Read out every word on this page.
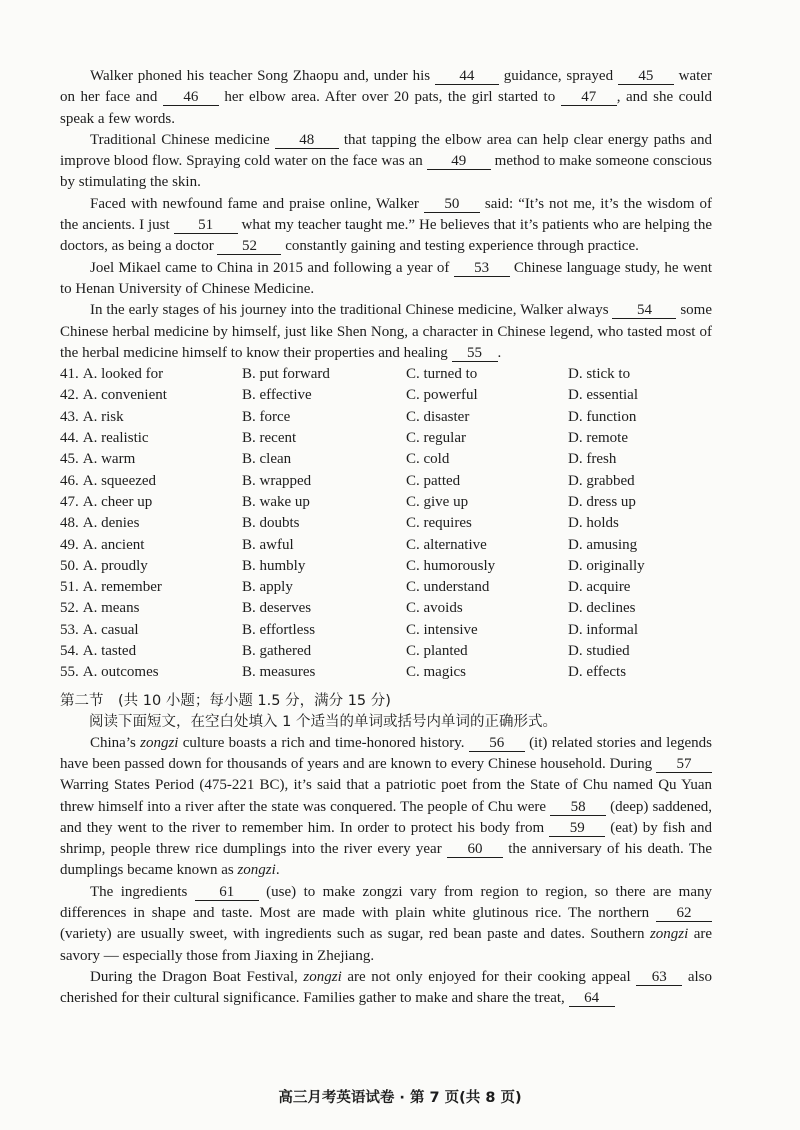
Walker phoned his teacher Song Zhaopu and, under his 44 guidance, sprayed 45 water on her face and 46 her elbow area. After over 20 pats, the girl started to 47 , and she could speak a few words.

Traditional Chinese medicine 48 that tapping the elbow area can help clear energy paths and improve blood flow. Spraying cold water on the face was an 49 method to make someone conscious by stimulating the skin.

Faced with newfound fame and praise online, Walker 50 said: “It’s not me, it’s the wisdom of the ancients. I just 51 what my teacher taught me.” He believes that it’s patients who are helping the doctors, as being a doctor 52 constantly gaining and testing experience through practice.

Joel Mikael came to China in 2015 and following a year of 53 Chinese language study, he went to Henan University of Chinese Medicine.

In the early stages of his journey into the traditional Chinese medicine, Walker always 54 some Chinese herbal medicine by himself, just like Shen Nong, a character in Chinese legend, who tasted most of the herbal medicine himself to know their properties and healing 55 .

41. A. looked for	B. put forward	C. turned to	D. stick to
42. A. convenient	B. effective	C. powerful	D. essential
43. A. risk	B. force	C. disaster	D. function
44. A. realistic	B. recent	C. regular	D. remote
45. A. warm	B. clean	C. cold	D. fresh
46. A. squeezed	B. wrapped	C. patted	D. grabbed
47. A. cheer up	B. wake up	C. give up	D. dress up
48. A. denies	B. doubts	C. requires	D. holds
49. A. ancient	B. awful	C. alternative	D. amusing
50. A. proudly	B. humbly	C. humorously	D. originally
51. A. remember	B. apply	C. understand	D. acquire
52. A. means	B. deserves	C. avoids	D. declines
53. A. casual	B. effortless	C. intensive	D. informal
54. A. tasted	B. gathered	C. planted	D. studied
55. A. outcomes	B. measures	C. magics	D. effects
第二节　(共 10 小题；每小题 1.5 分，满分 15 分)
阅读下面短文，在空白处填入 1 个适当的单词或括号内单词的正确形式。

China’s zongzi culture boasts a rich and time-honored history. 56 (it) related stories and legends have been passed down for thousands of years and are known to every Chinese household. During 57 Warring States Period (475-221 BC), it’s said that a patriotic poet from the State of Chu named Qu Yuan threw himself into a river after the state was conquered. The people of Chu were 58 (deep) saddened, and they went to the river to remember him. In order to protect his body from 59 (eat) by fish and shrimp, people threw rice dumplings into the river every year 60 the anniversary of his death. The dumplings became known as zongzi.

The ingredients 61 (use) to make zongzi vary from region to region, so there are many differences in shape and taste. Most are made with plain white glutinous rice. The northern 62 (variety) are usually sweet, with ingredients such as sugar, red bean paste and dates. Southern zongzi are savory — especially those from Jiaxing in Zhejiang.

During the Dragon Boat Festival, zongzi are not only enjoyed for their cooking appeal 63 also cherished for their cultural significance. Families gather to make and share the treat, 64

高三月考英语试卷 · 第 7 页(共 8 页)
